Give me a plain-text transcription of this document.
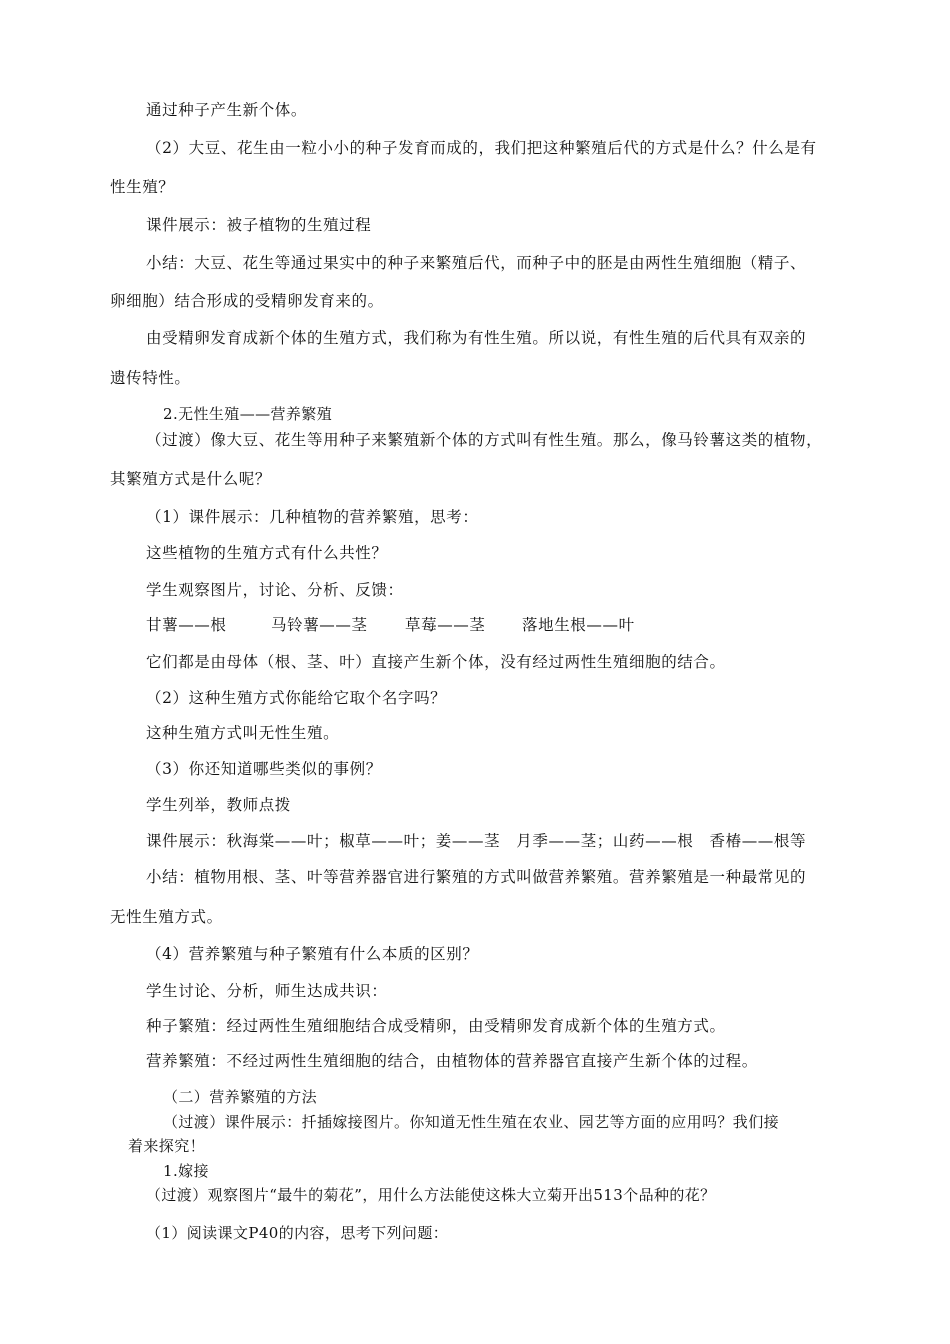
通过种子产生新个体。
（2）大豆、花生由一粒小小的种子发育而成的，我们把这种繁殖后代的方式是什么？什么是有
性生殖？
课件展示：被子植物的生殖过程
小结：大豆、花生等通过果实中的种子来繁殖后代，而种子中的胚是由两性生殖细胞（精子、
卵细胞）结合形成的受精卵发育来的。
由受精卵发育成新个体的生殖方式，我们称为有性生殖。所以说，有性生殖的后代具有双亲的
遗传特性。
2.无性生殖——营养繁殖
（过渡）像大豆、花生等用种子来繁殖新个体的方式叫有性生殖。那么，像马铃薯这类的植物，
其繁殖方式是什么呢？
（1）课件展示：几种植物的营养繁殖，思考：
这些植物的生殖方式有什么共性？
学生观察图片，讨论、分析、反馈：
甘薯——根	马铃薯——茎 草莓——茎 落地生根——叶
它们都是由母体（根、茎、叶）直接产生新个体，没有经过两性生殖细胞的结合。
（2）这种生殖方式你能给它取个名字吗？
这种生殖方式叫无性生殖。
（3）你还知道哪些类似的事例？
学生列举，教师点拨
课件展示：秋海棠——叶；椒草——叶；姜——茎　月季——茎；山药——根　香椿——根等
小结：植物用根、茎、叶等营养器官进行繁殖的方式叫做营养繁殖。营养繁殖是一种最常见的
无性生殖方式。
（4）营养繁殖与种子繁殖有什么本质的区别？
学生讨论、分析，师生达成共识：
种子繁殖：经过两性生殖细胞结合成受精卵，由受精卵发育成新个体的生殖方式。
营养繁殖：不经过两性生殖细胞的结合，由植物体的营养器官直接产生新个体的过程。
（二）营养繁殖的方法
（过渡）课件展示：扦插嫁接图片。你知道无性生殖在农业、园艺等方面的应用吗？我们接
着来探究！
1.嫁接
（过渡）观察图片“最牛的菊花”，用什么方法能使这株大立菊开出513个品种的花？
（1）阅读课文P40的内容，思考下列问题：
